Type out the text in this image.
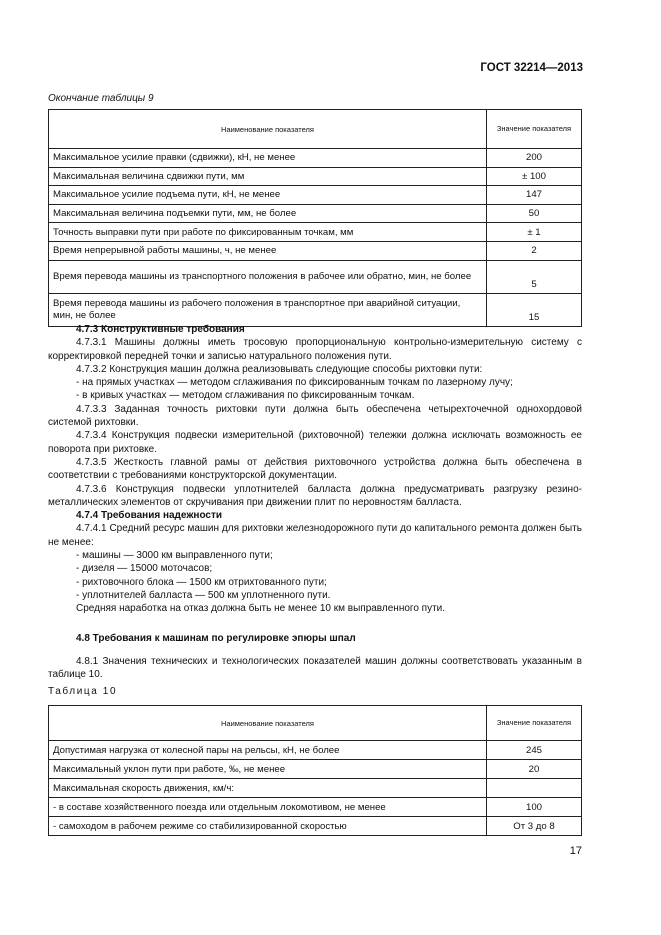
ГОСТ 32214—2013
Окончание таблицы 9
Наименование показателя	Значение показателя
Максимальное усилие правки (сдвижки), кН, не менее	200
Максимальная величина сдвижки пути, мм	± 100
Максимальное усилие подъема пути, кН, не менее	147
Максимальная величина подъемки пути, мм, не более	50
Точность выправки пути при работе по фиксированным точкам, мм	± 1
Время непрерывной работы машины, ч, не менее	2
Время перевода машины из транспортного положения в рабочее или обратно, мин, не более	5
Время перевода машины из рабочего положения в транспортное при аварийной ситуации, мин, не более	15

4.7.3 Конструктивные требования

4.7.3.1 Машины должны иметь тросовую пропорциональную контрольно-измерительную систему с корректировкой передней точки и записью натурального положения пути.

4.7.3.2 Конструкция машин должна реализовывать следующие способы рихтовки пути:

- на прямых участках — методом сглаживания по фиксированным точкам по лазерному лучу;

- в кривых участках — методом сглаживания по фиксированным точкам.

4.7.3.3 Заданная точность рихтовки пути должна быть обеспечена четырехточечной однохордовой системой рихтовки.

4.7.3.4 Конструкция подвески измерительной (рихтовочной) тележки должна исключать возможность ее поворота при рихтовке.

4.7.3.5 Жесткость главной рамы от действия рихтовочного устройства должна быть обеспечена в соответствии с требованиями конструкторской документации.

4.7.3.6 Конструкция подвески уплотнителей балласта должна предусматривать разгрузку резинометаллических элементов от скручивания при движении плит по неровностям балласта.

4.7.4 Требования надежности

4.7.4.1 Средний ресурс машин для рихтовки железнодорожного пути до капитального ремонта должен быть не менее:

- машины — 3000 км выправленного пути;

- дизеля — 15000 моточасов;

- рихтовочного блока — 1500 км отрихтованного пути;

- уплотнителей балласта — 500 км уплотненного пути.

Средняя наработка на отказ должна быть не менее 10 км выправленного пути.

4.8 Требования к машинам по регулировке эпюры шпал

4.8.1 Значения технических и технологических показателей машин должны соответствовать указанным в таблице 10.

Таблица 10
Наименование показателя	Значение показателя
Допустимая нагрузка от колесной пары на рельсы, кН, не более	245
Максимальный уклон пути при работе, ‰, не менее	20
Максимальная скорость движения, км/ч:	
- в составе хозяйственного поезда или отдельным локомотивом, не менее	100
- самоходом в рабочем режиме со стабилизированной скоростью	От 3 до 8
17
